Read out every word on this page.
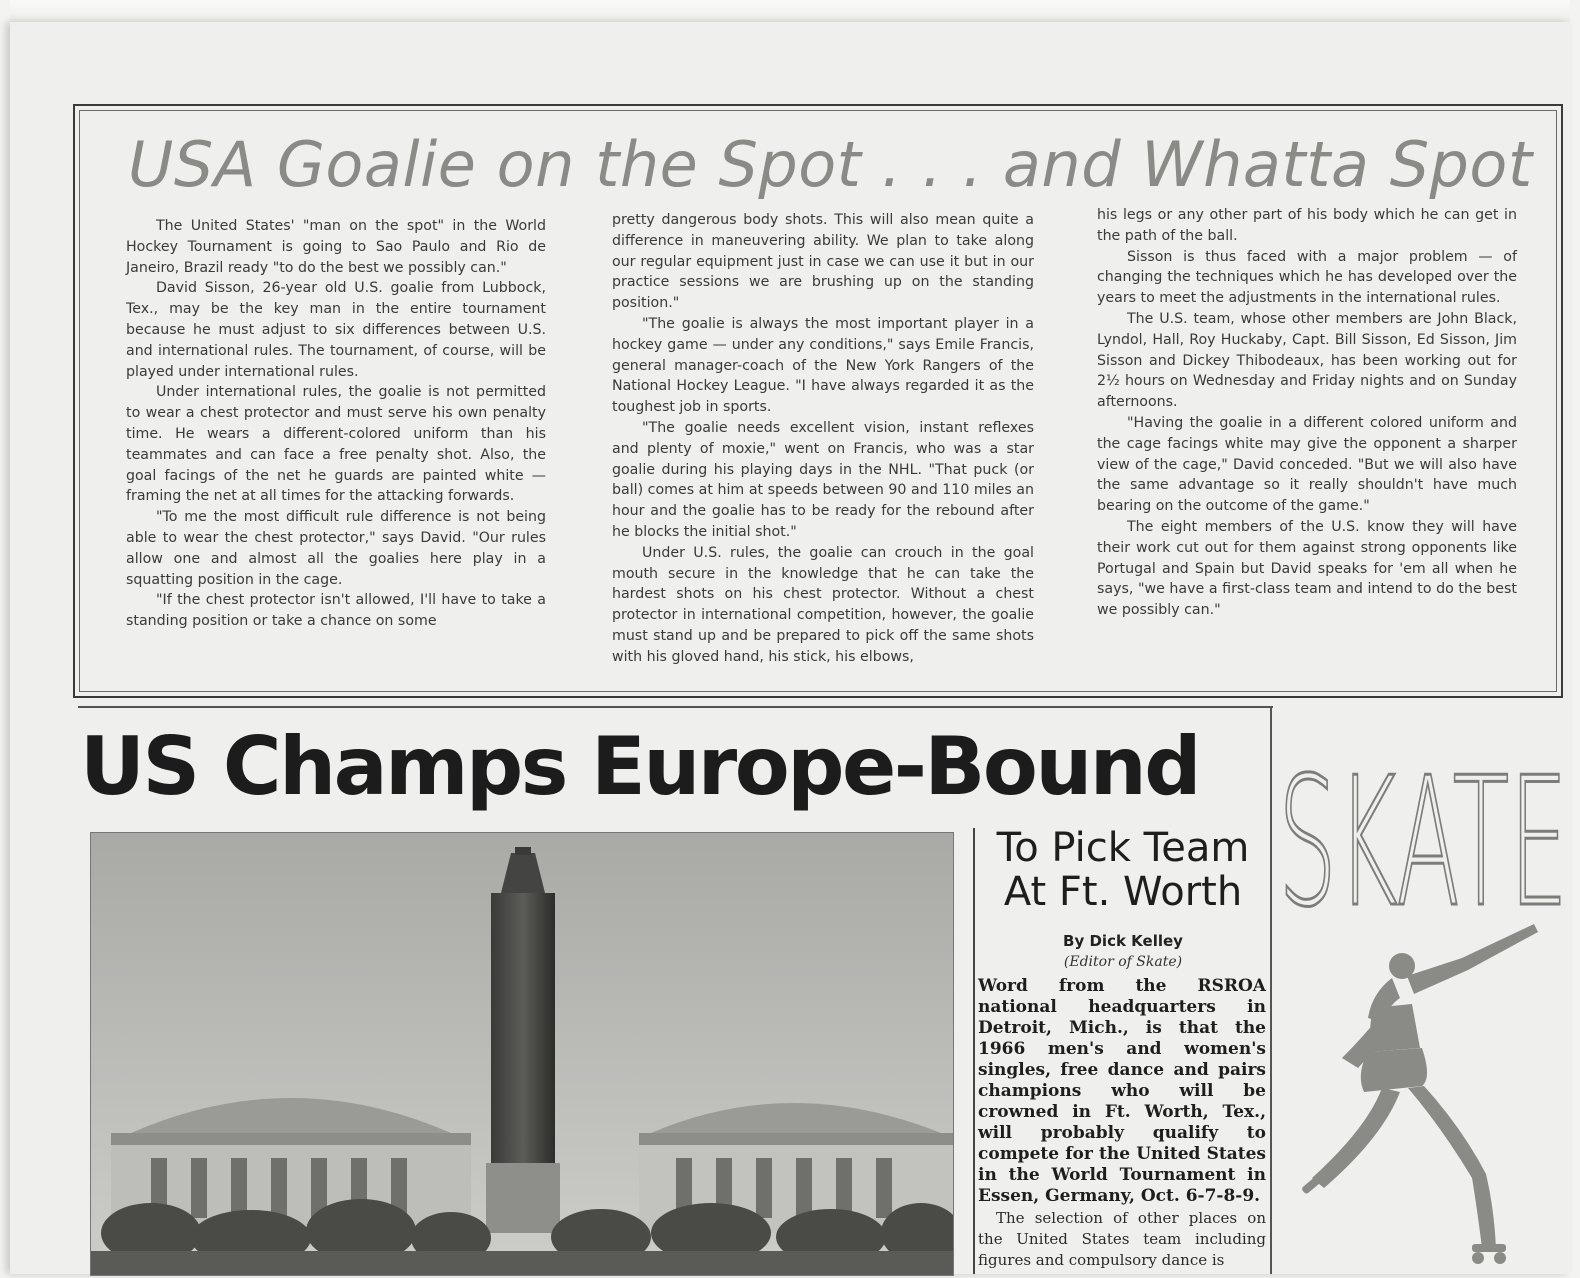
USA Goalie on the Spot . . . and Whatta Spot

The United States' "man on the spot" in the World Hockey Tournament is going to Sao Paulo and Rio de Janeiro, Brazil ready "to do the best we possibly can."

David Sisson, 26-year old U.S. goalie from Lubbock, Tex., may be the key man in the entire tournament because he must adjust to six differences between U.S. and international rules. The tournament, of course, will be played under international rules.

Under international rules, the goalie is not permitted to wear a chest protector and must serve his own penalty time. He wears a different-colored uniform than his teammates and can face a free penalty shot. Also, the goal facings of the net he guards are painted white — framing the net at all times for the attacking forwards.

"To me the most difficult rule difference is not being able to wear the chest protector," says David. "Our rules allow one and almost all the goalies here play in a squatting position in the cage.

"If the chest protector isn't allowed, I'll have to take a standing position or take a chance on some

pretty dangerous body shots. This will also mean quite a difference in maneuvering ability. We plan to take along our regular equipment just in case we can use it but in our practice sessions we are brushing up on the standing position."

"The goalie is always the most important player in a hockey game — under any conditions," says Emile Francis, general manager-coach of the New York Rangers of the National Hockey League. "I have always regarded it as the toughest job in sports.

"The goalie needs excellent vision, instant reflexes and plenty of moxie," went on Francis, who was a star goalie during his playing days in the NHL. "That puck (or ball) comes at him at speeds between 90 and 110 miles an hour and the goalie has to be ready for the rebound after he blocks the initial shot."

Under U.S. rules, the goalie can crouch in the goal mouth secure in the knowledge that he can take the hardest shots on his chest protector. Without a chest protector in international competition, however, the goalie must stand up and be prepared to pick off the same shots with his gloved hand, his stick, his elbows,

his legs or any other part of his body which he can get in the path of the ball.

Sisson is thus faced with a major problem — of changing the techniques which he has developed over the years to meet the adjustments in the international rules.

The U.S. team, whose other members are John Black, Lyndol, Hall, Roy Huckaby, Capt. Bill Sisson, Ed Sisson, Jim Sisson and Dickey Thibodeaux, has been working out for 2½ hours on Wednesday and Friday nights and on Sunday afternoons.

"Having the goalie in a different colored uniform and the cage facings white may give the opponent a sharper view of the cage," David conceded. "But we will also have the same advantage so it really shouldn't have much bearing on the outcome of the game."

The eight members of the U.S. know they will have their work cut out for them against strong opponents like Portugal and Spain but David speaks for 'em all when he says, "we have a first-class team and intend to do the best we possibly can."

US Champs Europe-Bound
To Pick Team
At Ft. Worth
By Dick Kelley
(Editor of Skate)
Word from the RSROA national headquarters in Detroit, Mich., is that the 1966 men's and women's singles, free dance and pairs champions who will be crowned in Ft. Worth, Tex., will probably qualify to compete for the United States in the World Tournament in Essen, Germany, Oct. 6-7-8-9.
The selection of other places on the United States team including figures and compulsory dance is
SKATE
